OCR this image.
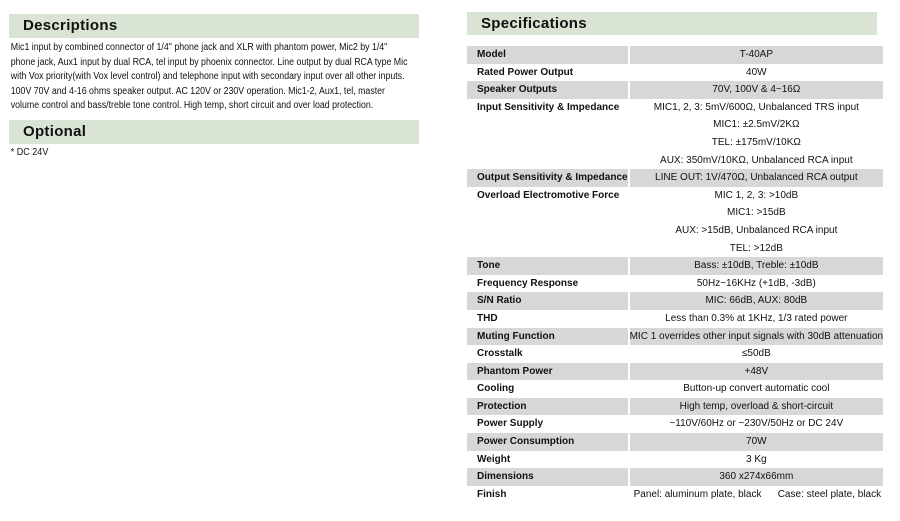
Descriptions
Mic1 input by combined connector of 1/4" phone jack and XLR with phantom power, Mic2 by 1/4" phone jack, Aux1 input by dual RCA, tel input by phoenix connector. Line output by dual RCA type Mic with Vox priority(with Vox level control) and telephone input with secondary input over all other inputs. 100V 70V and 4-16 ohms speaker output. AC 120V or 230V operation. Mic1-2, Aux1, tel, master volume control and bass/treble tone control. High temp, short circuit and over load protection.
Optional
* DC 24V
Specifications
Model	T-40AP

Rated Power Output	40W

Speaker Outputs	70V, 100V & 4~16Ω

Input Sensitivity & Impedance	MIC1, 2, 3: 5mV/600Ω, Unbalanced TRS input
MIC1: ±2.5mV/2KΩ
TEL: ±175mV/10KΩ
AUX: 350mV/10KΩ, Unbalanced RCA input

Output Sensitivity & Impedance	LINE OUT: 1V/470Ω, Unbalanced RCA output

Overload Electromotive Force	MIC 1, 2, 3: >10dB
MIC1: >15dB
AUX: >15dB, Unbalanced RCA input
TEL: >12dB

Tone	Bass: ±10dB, Treble: ±10dB

Frequency Response	50Hz~16KHz (+1dB, -3dB)

S/N Ratio	MIC: 66dB, AUX: 80dB

THD	Less than 0.3% at 1KHz, 1/3 rated power

Muting Function	MIC 1 overrides other input signals with 30dB attenuation

Crosstalk	≤50dB

Phantom Power	+48V

Cooling	Button-up convert automatic cool

Protection	High temp, overload & short-circuit

Power Supply	~110V/60Hz or ~230V/50Hz or DC 24V

Power Consumption	70W

Weight	3 Kg

Dimensions	360 x274x66mm

Finish	Panel: aluminum plate, black Case: steel plate, black
